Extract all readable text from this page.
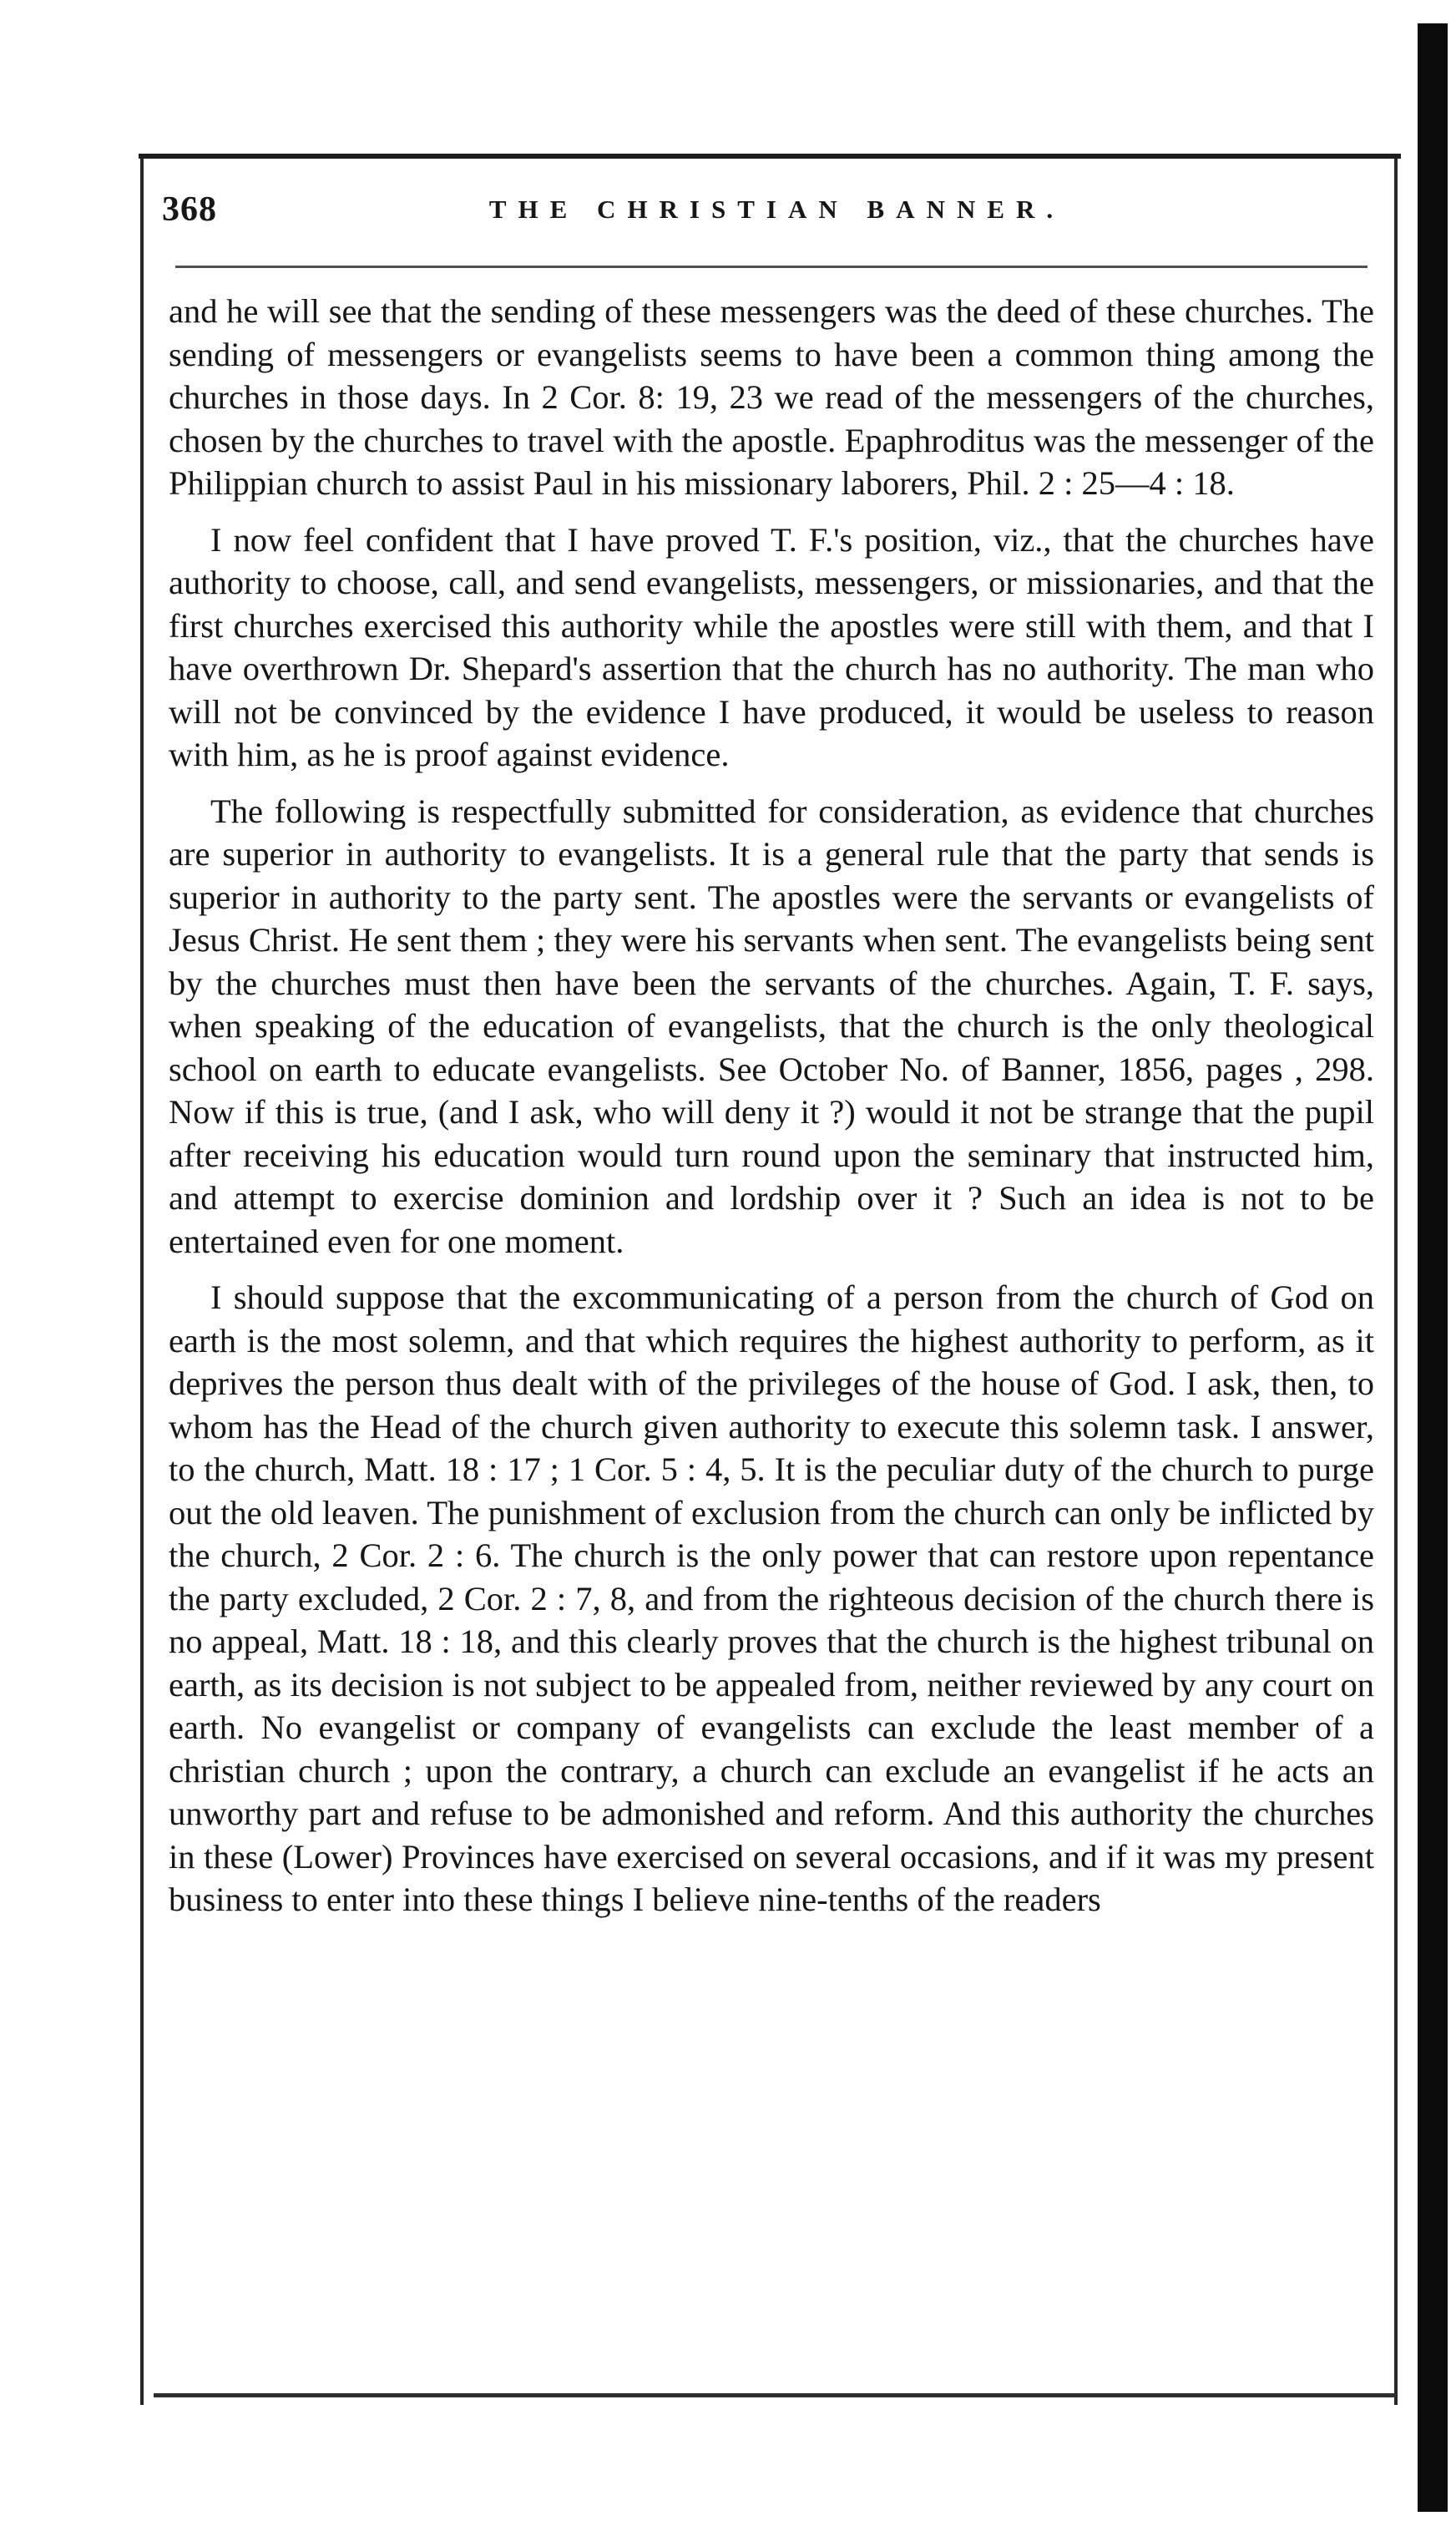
368	THE CHRISTIAN BANNER.

and he will see that the sending of these messengers was the deed of these churches. The sending of messengers or evangelists seems to have been a common thing among the churches in those days. In 2 Cor. 8: 19, 23 we read of the messengers of the churches, chosen by the churches to travel with the apostle. Epaphroditus was the messenger of the Philippian church to assist Paul in his missionary laborers, Phil. 2 : 25—4 : 18.

I now feel confident that I have proved T. F.'s position, viz., that the churches have authority to choose, call, and send evangelists, messengers, or missionaries, and that the first churches exercised this authority while the apostles were still with them, and that I have overthrown Dr. Shepard's assertion that the church has no authority. The man who will not be convinced by the evidence I have produced, it would be useless to reason with him, as he is proof against evidence.

The following is respectfully submitted for consideration, as evidence that churches are superior in authority to evangelists. It is a general rule that the party that sends is superior in authority to the party sent. The apostles were the servants or evangelists of Jesus Christ. He sent them ; they were his servants when sent. The evangelists being sent by the churches must then have been the servants of the churches. Again, T. F. says, when speaking of the education of evangelists, that the church is the only theological school on earth to educate evangelists. See October No. of Banner, 1856, pages , 298. Now if this is true, (and I ask, who will deny it ?) would it not be strange that the pupil after receiving his education would turn round upon the seminary that instructed him, and attempt to exercise dominion and lordship over it ? Such an idea is not to be entertained even for one moment.

I should suppose that the excommunicating of a person from the church of God on earth is the most solemn, and that which requires the highest authority to perform, as it deprives the person thus dealt with of the privileges of the house of God. I ask, then, to whom has the Head of the church given authority to execute this solemn task. I answer, to the church, Matt. 18 : 17 ; 1 Cor. 5 : 4, 5. It is the peculiar duty of the church to purge out the old leaven. The punishment of exclusion from the church can only be inflicted by the church, 2 Cor. 2 : 6. The church is the only power that can restore upon repentance the party excluded, 2 Cor. 2 : 7, 8, and from the righteous decision of the church there is no appeal, Matt. 18 : 18, and this clearly proves that the church is the highest tribunal on earth, as its decision is not subject to be appealed from, neither reviewed by any court on earth. No evangelist or company of evangelists can exclude the least member of a christian church ; upon the contrary, a church can exclude an evangelist if he acts an unworthy part and refuse to be admonished and reform. And this authority the churches in these (Lower) Provinces have exercised on several occasions, and if it was my present business to enter into these things I believe nine-tenths of the readers
